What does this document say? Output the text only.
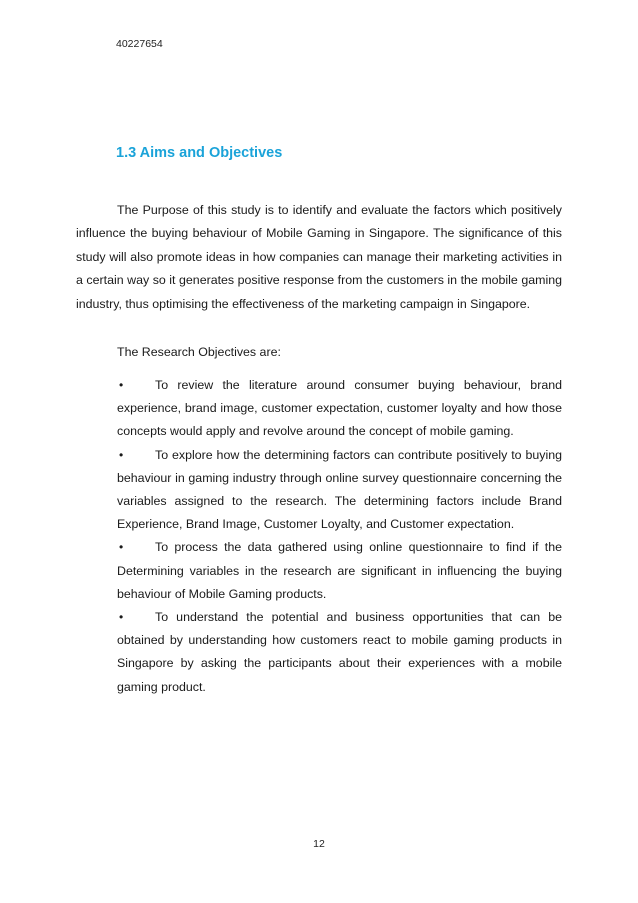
40227654
1.3 Aims and Objectives

The Purpose of this study is to identify and evaluate the factors which positively influence the buying behaviour of Mobile Gaming in Singapore. The significance of this study will also promote ideas in how companies can manage their marketing activities in a certain way so it generates positive response from the customers in the mobile gaming industry, thus optimising the effectiveness of the marketing campaign in Singapore.

The Research Objectives are:

•	To review the literature around consumer buying behaviour, brand experience, brand image, customer expectation, customer loyalty and how those concepts would apply and revolve around the concept of mobile gaming.
•	To explore how the determining factors can contribute positively to buying behaviour in gaming industry through online survey questionnaire concerning the variables assigned to the research. The determining factors include Brand Experience, Brand Image, Customer Loyalty, and Customer expectation.
•	To process the data gathered using online questionnaire to find if the Determining variables in the research are significant in influencing the buying behaviour of Mobile Gaming products.
•	To understand the potential and business opportunities that can be obtained by understanding how customers react to mobile gaming products in Singapore by asking the participants about their experiences with a mobile gaming product.
12
